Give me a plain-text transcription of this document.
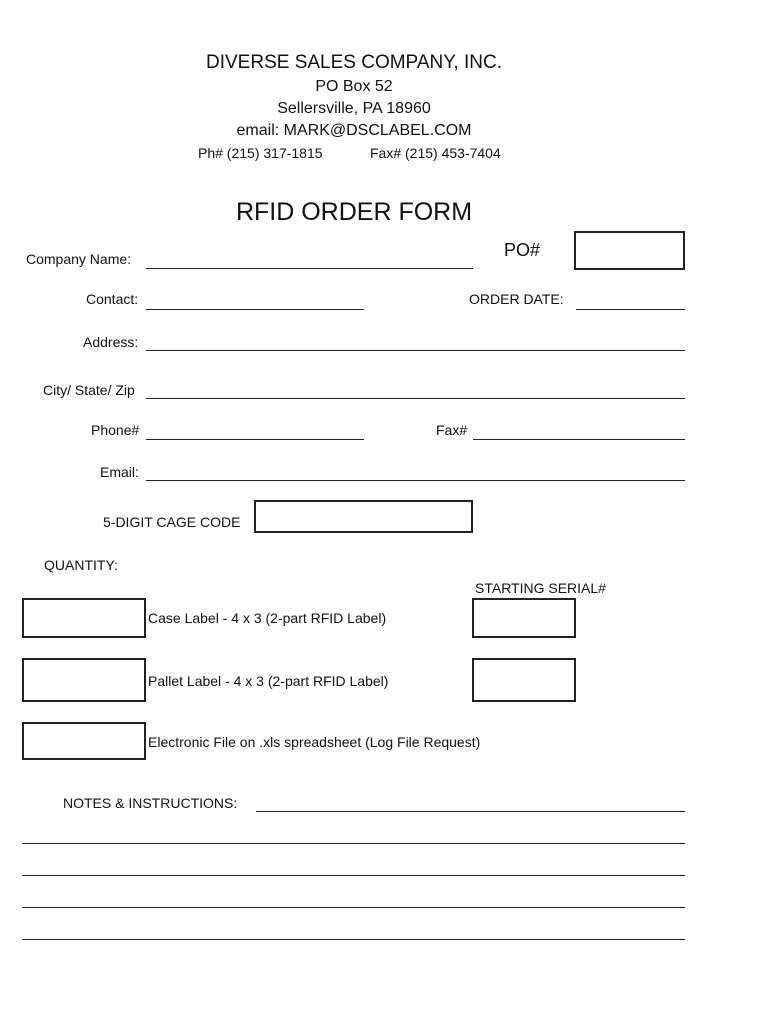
DIVERSE SALES COMPANY, INC.
PO Box 52
Sellersville, PA 18960
email: MARK@DSCLABEL.COM
Ph# (215) 317-1815	Fax# (215) 453-7404
RFID ORDER FORM
PO#
Company Name:
Contact:	ORDER DATE:
Address:
City/ State/ Zip
Phone#	Fax#
Email:
5-DIGIT CAGE CODE
QUANTITY:
STARTING SERIAL#
Case Label - 4 x 3 (2-part RFID Label)
Pallet Label - 4 x 3 (2-part RFID Label)
Electronic File on .xls spreadsheet (Log File Request)
NOTES & INSTRUCTIONS:
